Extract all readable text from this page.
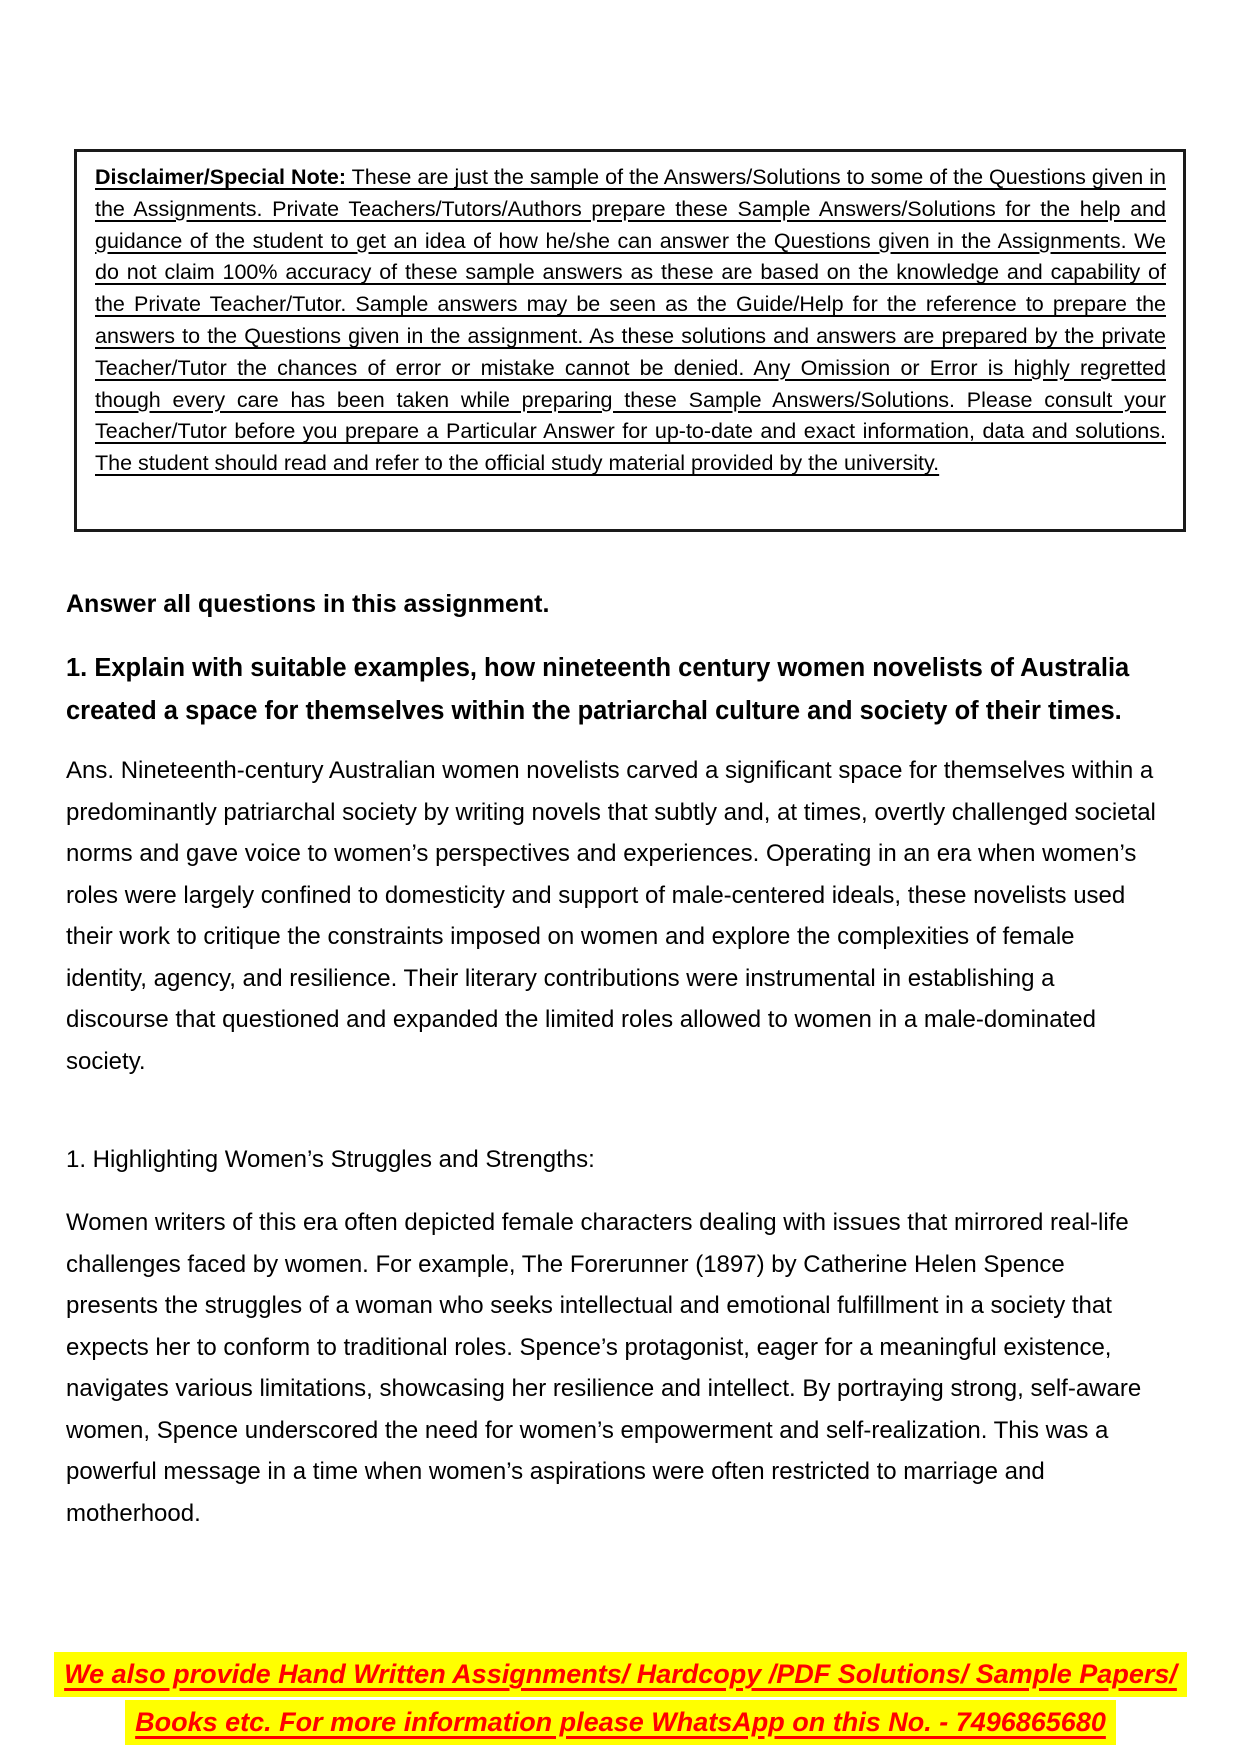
Disclaimer/Special Note: These are just the sample of the Answers/Solutions to some of the Questions given in the Assignments. Private Teachers/Tutors/Authors prepare these Sample Answers/Solutions for the help and guidance of the student to get an idea of how he/she can answer the Questions given in the Assignments. We do not claim 100% accuracy of these sample answers as these are based on the knowledge and capability of the Private Teacher/Tutor. Sample answers may be seen as the Guide/Help for the reference to prepare the answers to the Questions given in the assignment. As these solutions and answers are prepared by the private Teacher/Tutor the chances of error or mistake cannot be denied. Any Omission or Error is highly regretted though every care has been taken while preparing these Sample Answers/Solutions. Please consult your Teacher/Tutor before you prepare a Particular Answer for up-to-date and exact information, data and solutions. The student should read and refer to the official study material provided by the university.

Answer all questions in this assignment.
1. Explain with suitable examples, how nineteenth century women novelists of Australia created a space for themselves within the patriarchal culture and society of their times.

Ans. Nineteenth-century Australian women novelists carved a significant space for themselves within a predominantly patriarchal society by writing novels that subtly and, at times, overtly challenged societal norms and gave voice to women’s perspectives and experiences. Operating in an era when women’s roles were largely confined to domesticity and support of male-centered ideals, these novelists used their work to critique the constraints imposed on women and explore the complexities of female identity, agency, and resilience. Their literary contributions were instrumental in establishing a discourse that questioned and expanded the limited roles allowed to women in a male-dominated society.

1. Highlighting Women’s Struggles and Strengths:

Women writers of this era often depicted female characters dealing with issues that mirrored real-life challenges faced by women. For example, The Forerunner (1897) by Catherine Helen Spence presents the struggles of a woman who seeks intellectual and emotional fulfillment in a society that expects her to conform to traditional roles. Spence’s protagonist, eager for a meaningful existence, navigates various limitations, showcasing her resilience and intellect. By portraying strong, self-aware women, Spence underscored the need for women’s empowerment and self-realization. This was a powerful message in a time when women’s aspirations were often restricted to marriage and motherhood.

We also provide Hand Written Assignments/ Hardcopy /PDF Solutions/ Sample Papers/
Books etc. For more information please WhatsApp on this No. - 7496865680
